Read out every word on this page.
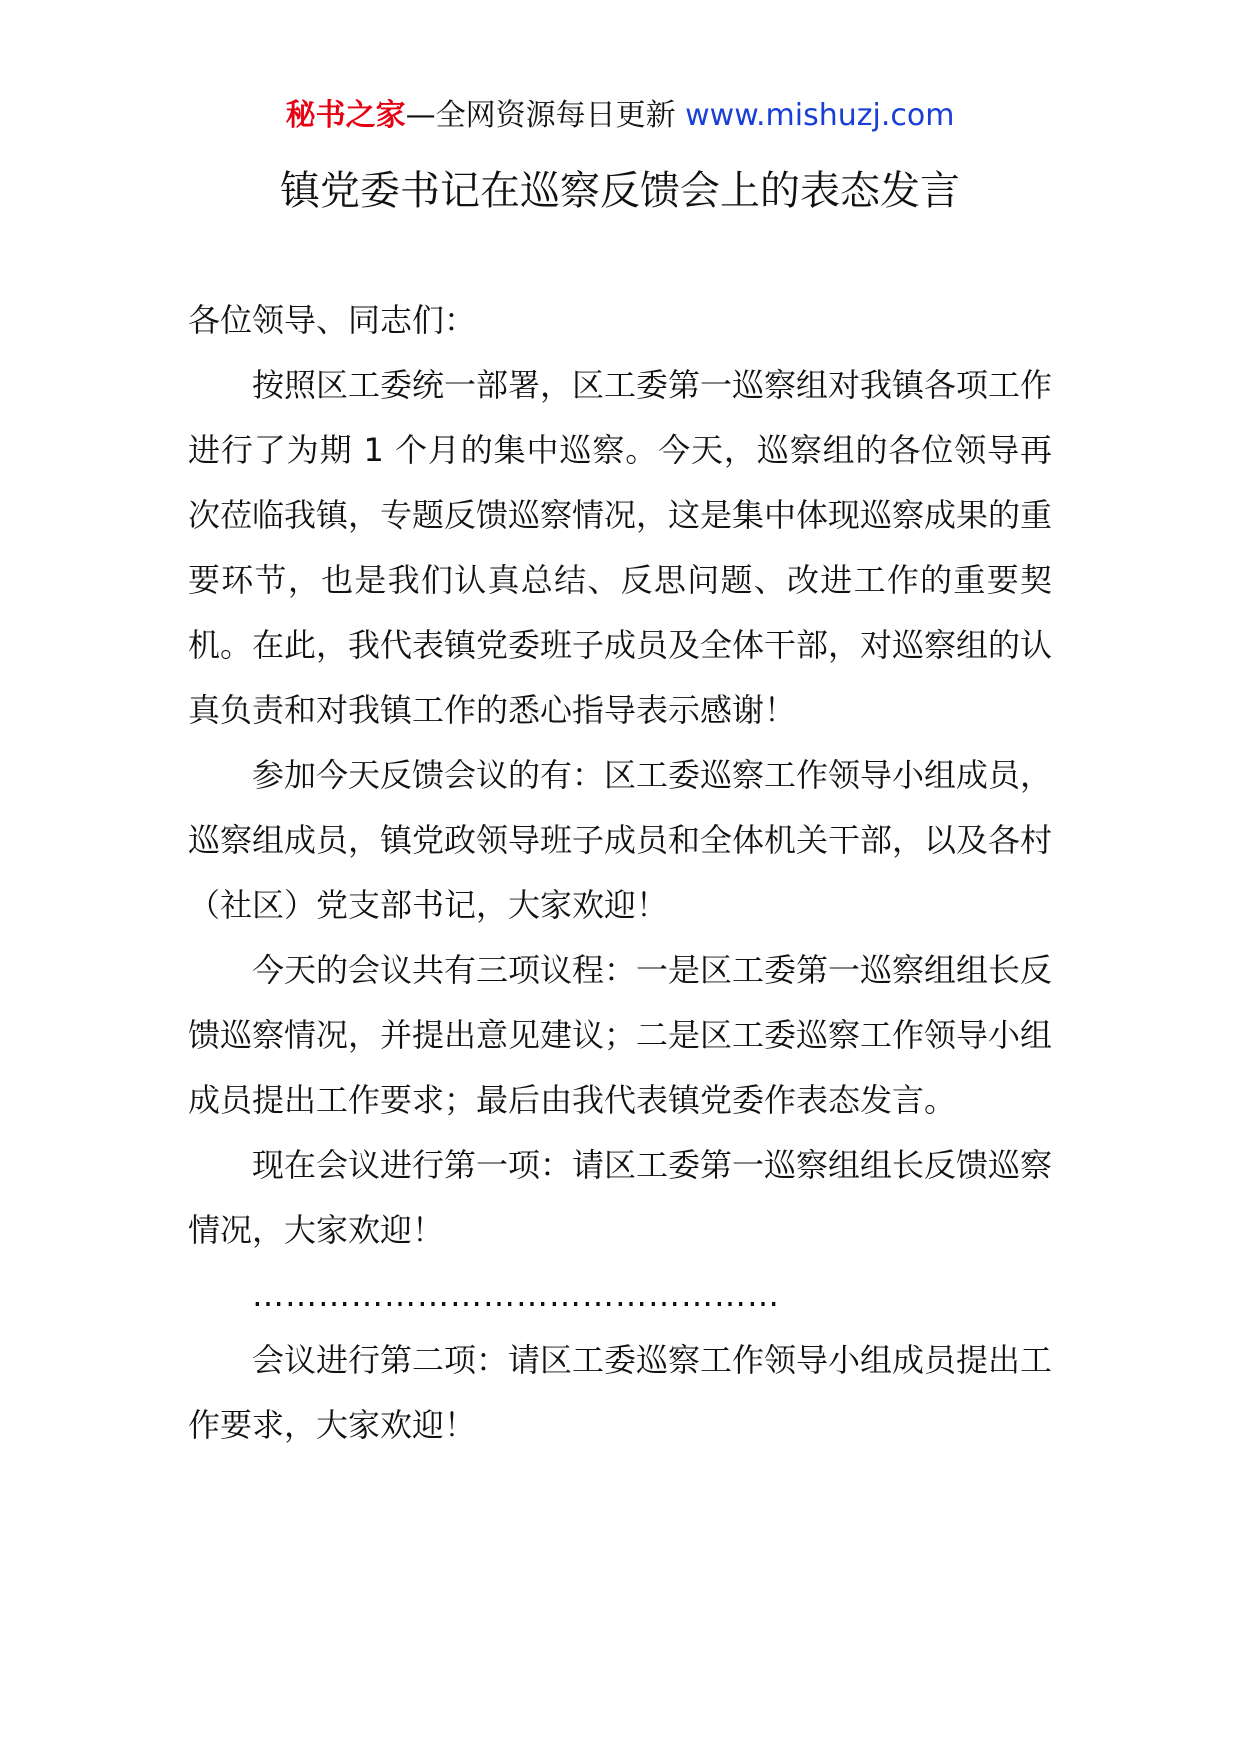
秘书之家—全网资源每日更新 www.mishuzj.com
镇党委书记在巡察反馈会上的表态发言

各位领导、同志们：

按照区工委统一部署，区工委第一巡察组对我镇各项工作进行了为期 1 个月的集中巡察。今天，巡察组的各位领导再次莅临我镇，专题反馈巡察情况，这是集中体现巡察成果的重要环节，也是我们认真总结、反思问题、改进工作的重要契机。在此，我代表镇党委班子成员及全体干部，对巡察组的认真负责和对我镇工作的悉心指导表示感谢！

参加今天反馈会议的有：区工委巡察工作领导小组成员，巡察组成员，镇党政领导班子成员和全体机关干部，以及各村（社区）党支部书记，大家欢迎！

今天的会议共有三项议程：一是区工委第一巡察组组长反馈巡察情况，并提出意见建议；二是区工委巡察工作领导小组成员提出工作要求；最后由我代表镇党委作表态发言。

现在会议进行第一项：请区工委第一巡察组组长反馈巡察情况，大家欢迎！

…………………………………………

会议进行第二项：请区工委巡察工作领导小组成员提出工作要求，大家欢迎！
